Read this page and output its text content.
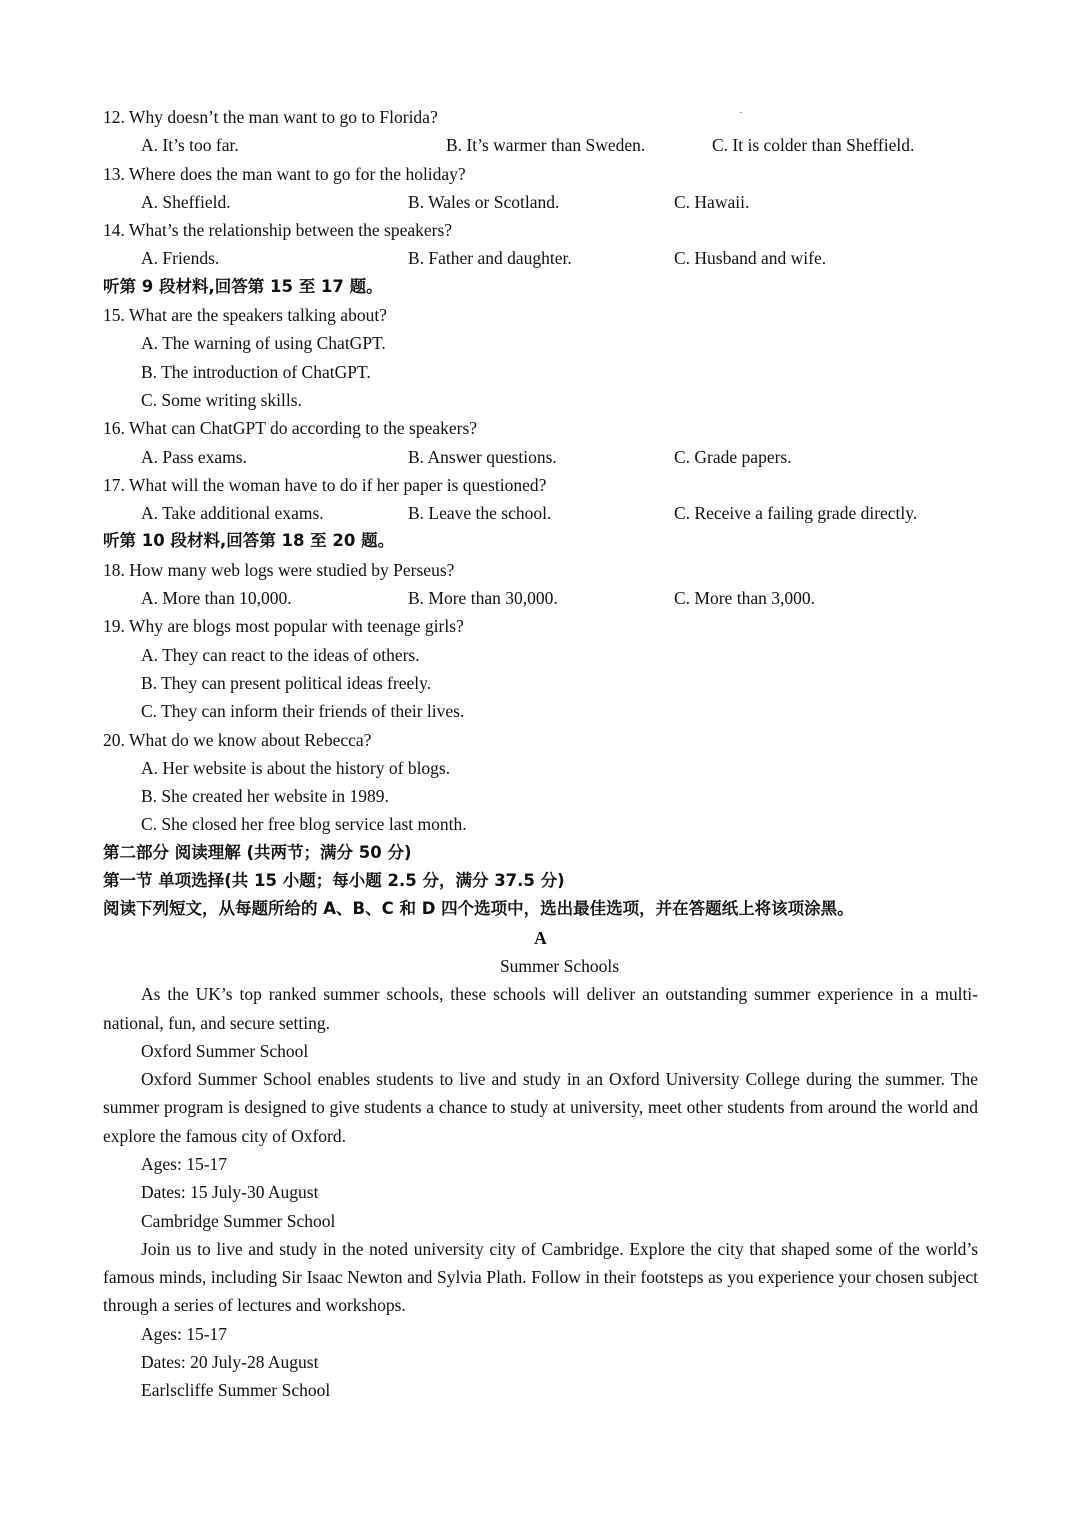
12. Why doesn’t the man want to go to Florida?
A. It’s too far.	B. It’s warmer than Sweden.	C. It is colder than Sheffield.
13. Where does the man want to go for the holiday?
A. Sheffield.	B. Wales or Scotland.	C. Hawaii.
14. What’s the relationship between the speakers?
A. Friends.	B. Father and daughter.	C. Husband and wife.
听第 9 段材料,回答第 15 至 17 题。
15. What are the speakers talking about?
A. The warning of using ChatGPT.
B. The introduction of ChatGPT.
C. Some writing skills.
16. What can ChatGPT do according to the speakers?
A. Pass exams.	B. Answer questions.	C. Grade papers.
17. What will the woman have to do if her paper is questioned?
A. Take additional exams.	B. Leave the school.	C. Receive a failing grade directly.
听第 10 段材料,回答第 18 至 20 题。
18. How many web logs were studied by Perseus?
A. More than 10,000.	B. More than 30,000.	C. More than 3,000.
19. Why are blogs most popular with teenage girls?
A. They can react to the ideas of others.
B. They can present political ideas freely.
C. They can inform their friends of their lives.
20. What do we know about Rebecca?
A. Her website is about the history of blogs.
B. She created her website in 1989.
C. She closed her free blog service last month.
第二部分 阅读理解 (共两节；满分 50 分)
第一节 单项选择(共 15 小题；每小题 2.5 分，满分 37.5 分)
阅读下列短文，从每题所给的 A、B、C 和 D 四个选项中，选出最佳选项，并在答题纸上将该项涂黑。
A
Summer Schools
As the UK’s top ranked summer schools, these schools will deliver an outstanding summer experience in a multi-national, fun, and secure setting.
Oxford Summer School
Oxford Summer School enables students to live and study in an Oxford University College during the summer. The summer program is designed to give students a chance to study at university, meet other students from around the world and explore the famous city of Oxford.
Ages: 15-17
Dates: 15 July-30 August
Cambridge Summer School
Join us to live and study in the noted university city of Cambridge. Explore the city that shaped some of the world’s famous minds, including Sir Isaac Newton and Sylvia Plath. Follow in their footsteps as you experience your chosen subject through a series of lectures and workshops.
Ages: 15-17
Dates: 20 July-28 August
Earlscliffe Summer School
